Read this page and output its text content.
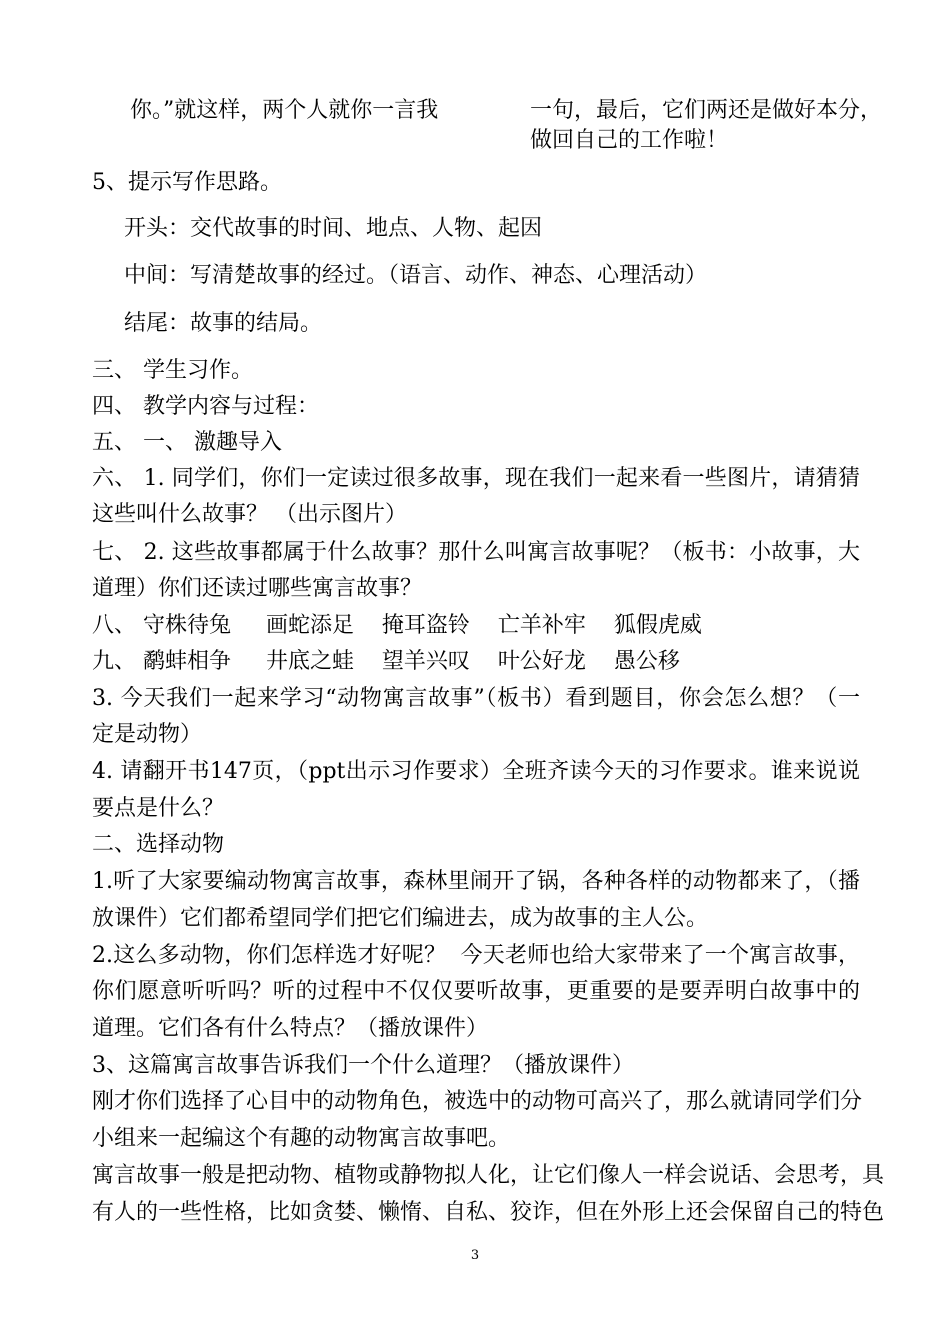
你。”就这样，两个人就你一言我	一句，最后，它们两还是做好本分，
做回自己的工作啦！

5、提示写作思路。

开头：交代故事的时间、地点、人物、起因

中间：写清楚故事的经过。（语言、动作、神态、心理活动）

结尾：故事的结局。

三、 学生习作。

四、 教学内容与过程：

五、 一、 激趣导入

六、 1. 同学们，你们一定读过很多故事，现在我们一起来看一些图片，请猜猜

这些叫什么故事？ （出示图片）

七、 2. 这些故事都属于什么故事？那什么叫寓言故事呢？（板书：小故事，大

道理）你们还读过哪些寓言故事？

八、 守株待兔     画蛇添足    掩耳盗铃    亡羊补牢    狐假虎威

九、 鹬蚌相争     井底之蛙    望羊兴叹    叶公好龙    愚公移

3. 今天我们一起来学习“动物寓言故事”（板书）看到题目，你会怎么想？（一

定是动物）

4. 请翻开书147页，（ppt出示习作要求）全班齐读今天的习作要求。谁来说说

要点是什么？

二、选择动物

1.听了大家要编动物寓言故事，森林里闹开了锅，各种各样的动物都来了，（播

放课件）它们都希望同学们把它们编进去，成为故事的主人公。

2.这么多动物，你们怎样选才好呢？  今天老师也给大家带来了一个寓言故事，

你们愿意听听吗？听的过程中不仅仅要听故事，更重要的是要弄明白故事中的

道理。它们各有什么特点？（播放课件）

3、这篇寓言故事告诉我们一个什么道理？（播放课件）

刚才你们选择了心目中的动物角色，被选中的动物可高兴了，那么就请同学们分

小组来一起编这个有趣的动物寓言故事吧。

寓言故事一般是把动物、植物或静物拟人化，让它们像人一样会说话、会思考，具

有人的一些性格，比如贪婪、懒惰、自私、狡诈，但在外形上还会保留自己的特色

3
